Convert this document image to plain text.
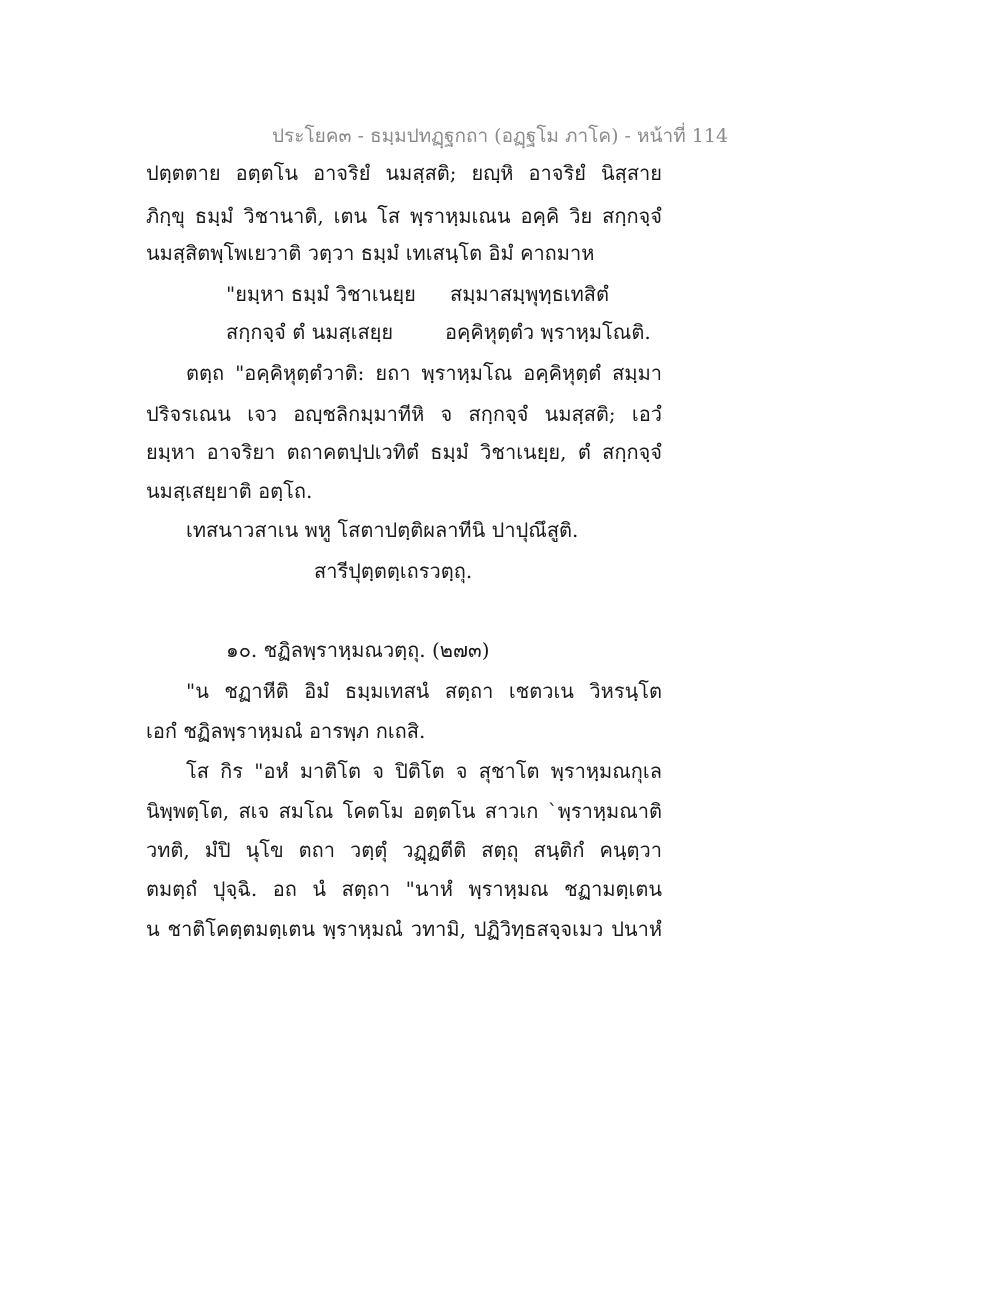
ประโยค๓ - ธมฺมปทฏฺฐกถา (อฏฺฐโม ภาโค) - หน้าที่ 114
ปตฺตตาย อตฺตโน อาจริยํ นมสฺสติ; ยญฺหิ อาจริยํ นิสฺสาย
ภิกฺขุ ธมฺมํ วิชานาติ, เตน โส พฺราหฺมเณน อคฺคิ วิย สกฺกจฺจํ
นมสฺสิตพฺโพเยวาติ วตฺวา ธมฺมํ เทเสนฺโต อิมํ คาถมาห
"ยมฺหา ธมฺมํ วิชาเนยฺย สมฺมาสมฺพุทฺธเทสิตํ
สกฺกจฺจํ ตํ นมสฺเสยฺย	อคฺคิหุตฺตํว พฺราหฺมโณติ.
ตตฺถ "อคฺคิหุตฺตํวาติ: ยถา พฺราหฺมโณ อคฺคิหุตฺตํ สมฺมา
ปริจรเณน เจว อญฺชลิกมฺมาทีหิ จ สกฺกจฺจํ นมสฺสติ; เอวํ
ยมฺหา อาจริยา ตถาคตปฺปเวทิตํ ธมฺมํ วิชาเนยฺย, ตํ สกฺกจฺจํ
นมสฺเสยฺยาติ อตฺโถ.
เทสนาวสาเน พหู โสตาปตฺติผลาทีนิ ปาปุณึสูติ.
สารีปุตฺตตฺเถรวตฺถุ.
๑๐. ชฏิลพฺราหฺมณวตฺถุ. (๒๗๓)
"น ชฏาหีติ อิมํ ธมฺมเทสนํ สตฺถา เชตวเน วิหรนฺโต
เอกํ ชฏิลพฺราหฺมณํ อารพฺภ กเถสิ.
โส กิร "อหํ มาติโต จ ปิติโต จ สุชาโต พฺราหฺมณกุเล
นิพฺพตฺโต, สเจ สมโณ โคตโม อตฺตโน สาวเก `พฺราหฺมณาติ
วทติ, มํปิ นุโข ตถา วตฺตุํ วฏฺฏตีติ สตฺถุ สนฺติกํ คนฺตฺวา
ตมตฺถํ ปุจฺฉิ. อถ นํ สตฺถา "นาหํ พฺราหฺมณ ชฏามตฺเตน
น ชาติโคตฺตมตฺเตน พฺราหฺมณํ วทามิ, ปฏิวิทฺธสจฺจเมว ปนาหํ
